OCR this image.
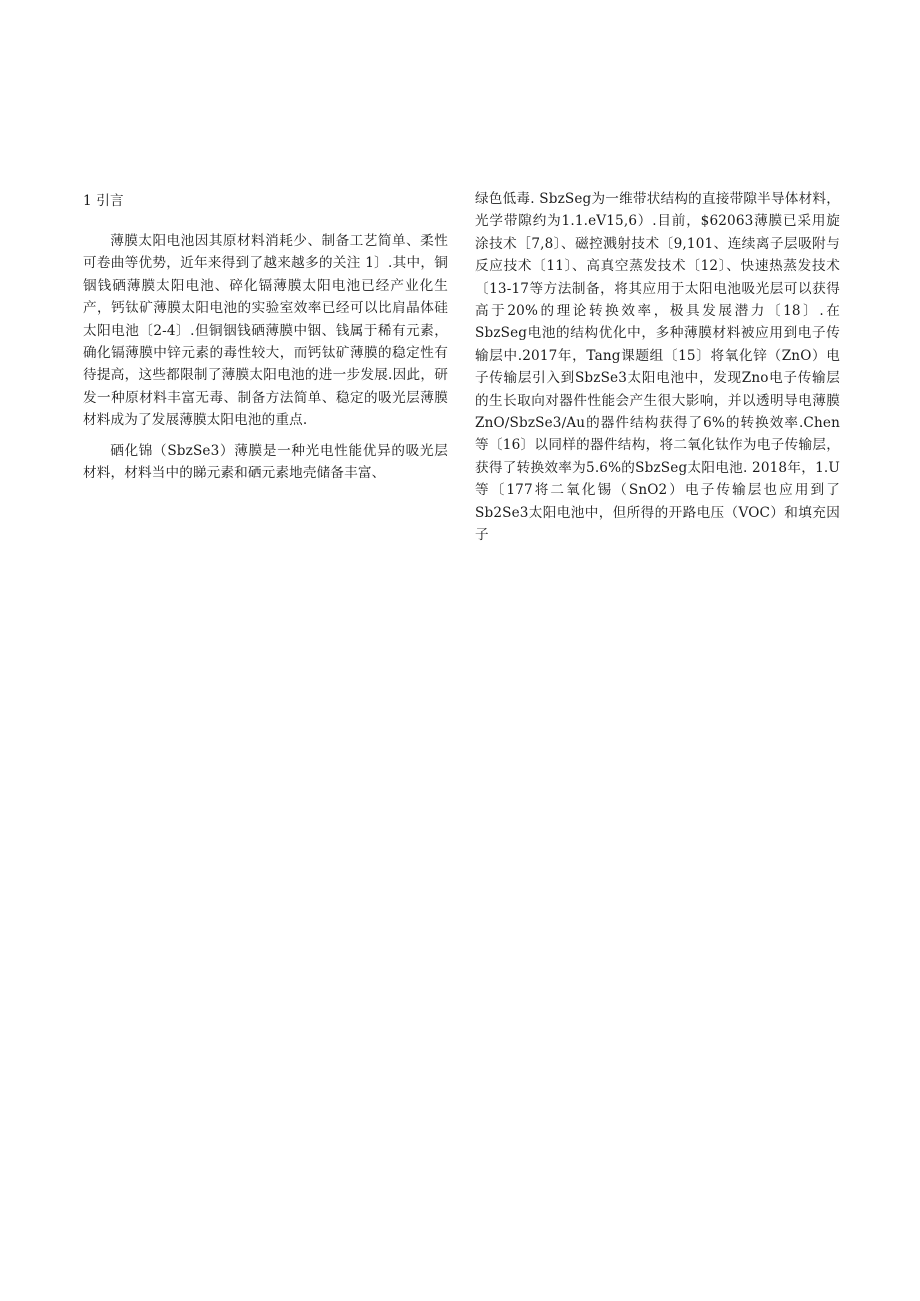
1 引言

薄膜太阳电池因其原材料消耗少、制备工艺简单、柔性可卷曲等优势，近年来得到了越来越多的关注 1〕.其中，铜铟钱硒薄膜太阳电池、碎化镉薄膜太阳电池已经产业化生产，钙钛矿薄膜太阳电池的实验室效率已经可以比肩晶体硅太阳电池〔2-4〕.但铜铟钱硒薄膜中铟、钱属于稀有元素，确化镉薄膜中锌元素的毒性较大，而钙钛矿薄膜的稳定性有待提高，这些都限制了薄膜太阳电池的进一步发展.因此，研发一种原材料丰富无毒、制备方法简单、稳定的吸光层薄膜材料成为了发展薄膜太阳电池的重点.

硒化锦（SbzSe3）薄膜是一种光电性能优异的吸光层材料，材料当中的睇元素和硒元素地壳储备丰富、

绿色低毒. SbzSeg为一维带状结构的直接带隙半导体材料，光学带隙约为1.1.eV15,6）.目前，$62063薄膜已采用旋涂技术［7,8〕、磁控溅射技术〔9,101、连续离子层吸附与反应技术〔11〕、高真空蒸发技术〔12〕、快速热蒸发技术〔13-17等方法制备，将其应用于太阳电池吸光层可以获得高于20%的理论转换效率，极具发展潜力〔18〕.在SbzSeg电池的结构优化中，多种薄膜材料被应用到电子传输层中.2017年，Tang课题组〔15〕将氧化锌（ZnO）电子传输层引入到SbzSe3太阳电池中，发现Zno电子传输层的生长取向对器件性能会产生很大影响，并以透明导电薄膜ZnO∕SbzSe3∕Au的器件结构获得了6%的转换效率.Chen等〔16〕以同样的器件结构，将二氧化钛作为电子传输层，获得了转换效率为5.6%的SbzSeg太阳电池. 2018年，1.U等〔177将二氧化锡（SnO2）电子传输层也应用到了Sb2Se3太阳电池中，但所得的开路电压（VOC）和填充因子
